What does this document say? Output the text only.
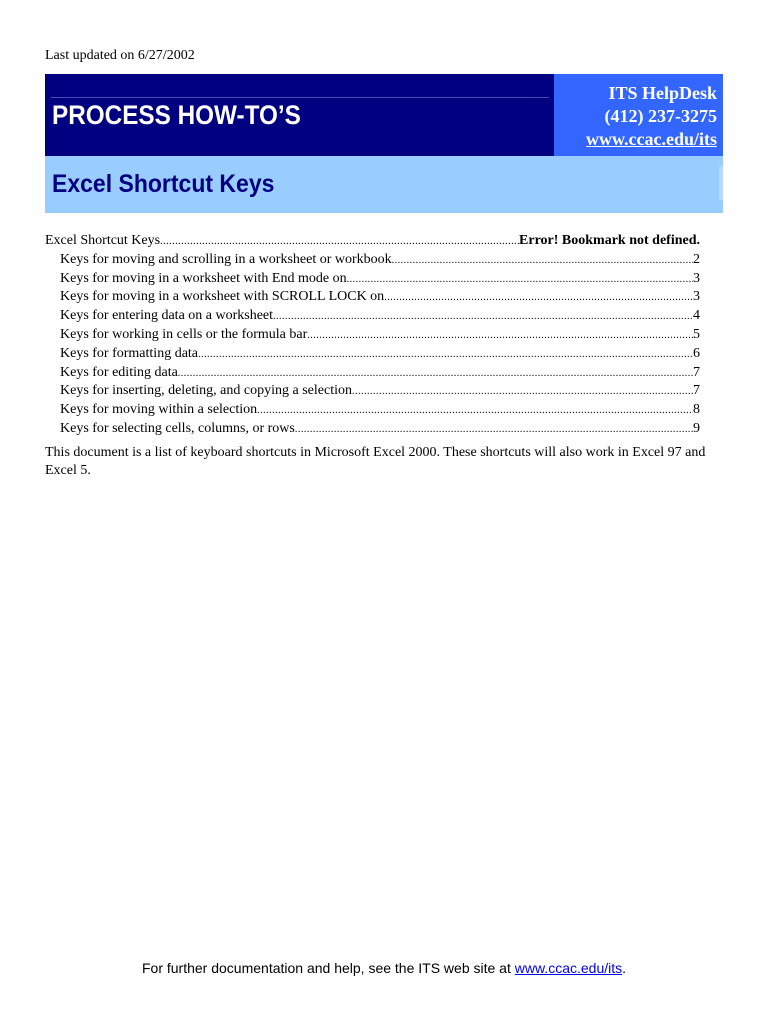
Last updated on 6/27/2002
PROCESS HOW-TO’S
ITS HelpDesk
(412) 237-3275
www.ccac.edu/its
Excel Shortcut Keys
Excel Shortcut Keys .....	Error! Bookmark not defined.
Keys for moving and scrolling in a worksheet or workbook .....	2
Keys for moving in a worksheet with End mode on .....	3
Keys for moving in a worksheet with SCROLL LOCK on .....	3
Keys for entering data on a worksheet .....	4
Keys for working in cells or the formula bar .....	5
Keys for formatting data .....	6
Keys for editing data .....	7
Keys for inserting, deleting, and copying a selection .....	7
Keys for moving within a selection .....	8
Keys for selecting cells, columns, or rows .....	9
This document is a list of keyboard shortcuts in Microsoft Excel 2000. These shortcuts will also work in Excel 97 and Excel 5.
For further documentation and help, see the ITS web site at www.ccac.edu/its.
